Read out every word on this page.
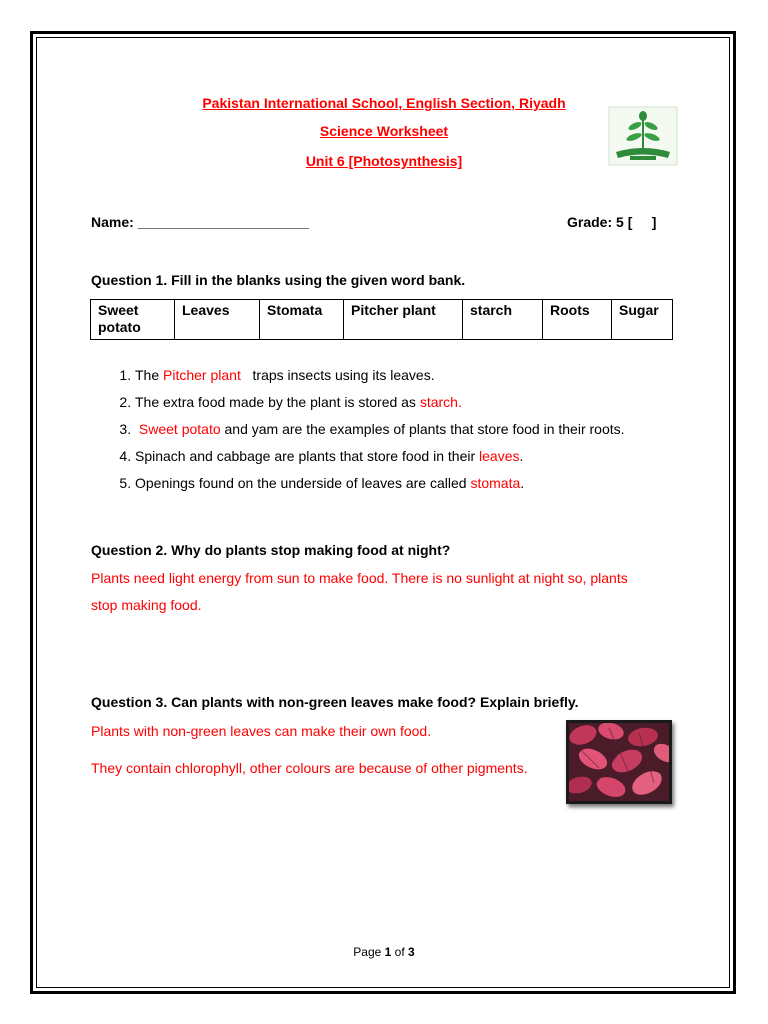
Pakistan International School, English Section, Riyadh
Science Worksheet
Unit 6 [Photosynthesis]
Name: ______________________	Grade: 5 [     ]
Question 1. Fill in the blanks using the given word bank.
Sweet potato	Leaves	Stomata	Pitcher plant	starch	Roots	Sugar
1. The Pitcher plant   traps insects using its leaves.
2. The extra food made by the plant is stored as starch.
3. Sweet potato and yam are the examples of plants that store food in their roots.
4. Spinach and cabbage are plants that store food in their leaves.
5. Openings found on the underside of leaves are called stomata.
Question 2. Why do plants stop making food at night?
Plants need light energy from sun to make food. There is no sunlight at night so, plants
stop making food.
Question 3. Can plants with non-green leaves make food? Explain briefly.
Plants with non-green leaves can make their own food.
They contain chlorophyll, other colours are because of other pigments.
Page 1 of 3
